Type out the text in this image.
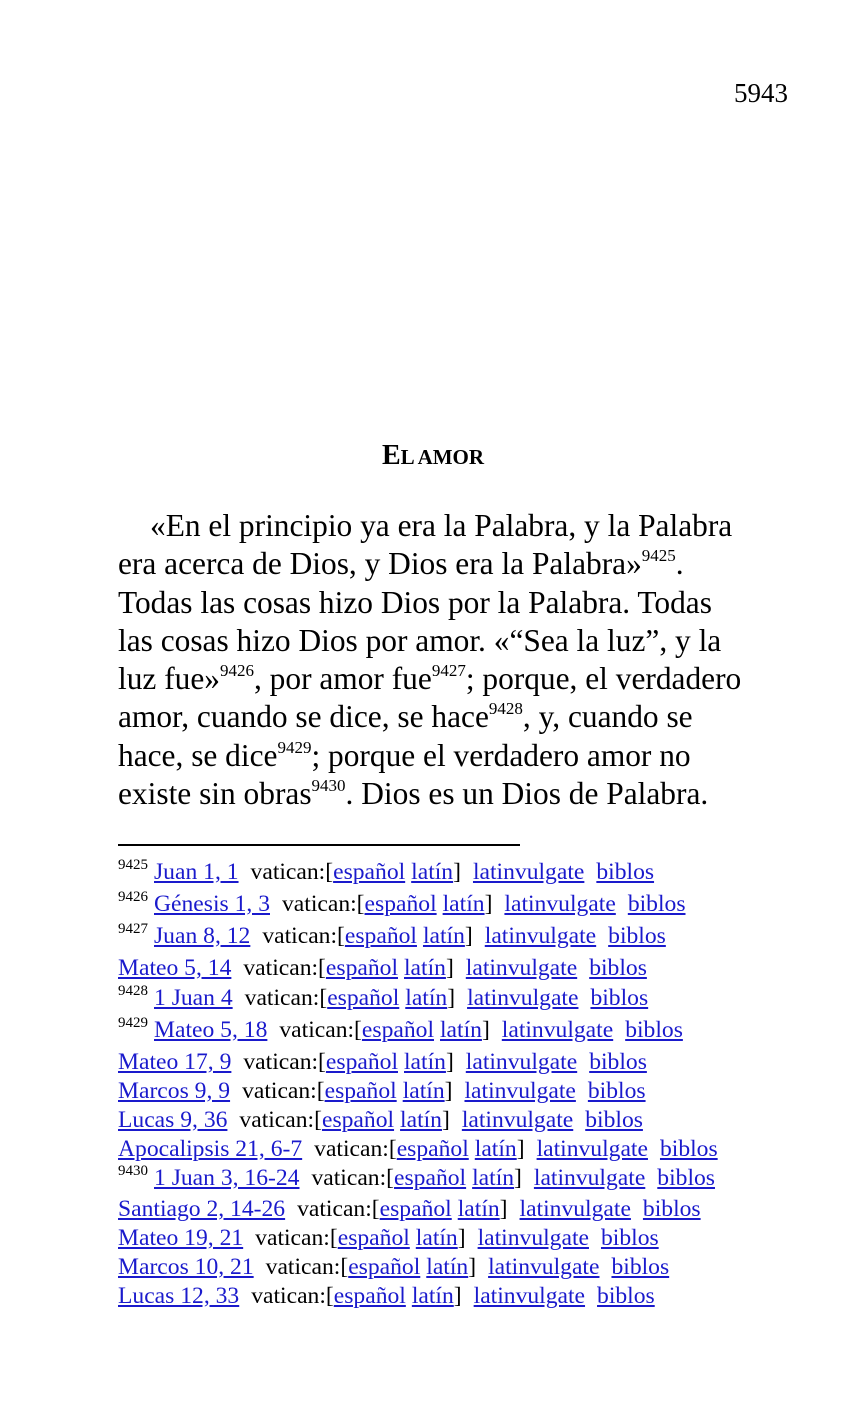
5943
EL AMOR
«En el principio ya era la Palabra, y la Palabra
era acerca de Dios, y Dios era la Palabra»$^{9425}$.
Todas las cosas hizo Dios por la Palabra. Todas
las cosas hizo Dios por amor. «“Sea la luz”, y la
luz fue»$^{9426}$, por amor fue$^{9427}$; porque, el verdadero
amor, cuando se dice, se hace$^{9428}$, y, cuando se
hace, se dice$^{9429}$; porque el verdadero amor no
existe sin obras$^{9430}$. Dios es un Dios de Palabra.
$^{9425}$ Juan 1, 1 vatican:[español latín] latinvulgate biblos
$^{9426}$ Génesis 1, 3 vatican:[español latín] latinvulgate biblos
$^{9427}$ Juan 8, 12 vatican:[español latín] latinvulgate biblos
Mateo 5, 14 vatican:[español latín] latinvulgate biblos
$^{9428}$ 1 Juan 4 vatican:[español latín] latinvulgate biblos
$^{9429}$ Mateo 5, 18 vatican:[español latín] latinvulgate biblos
Mateo 17, 9 vatican:[español latín] latinvulgate biblos
Marcos 9, 9 vatican:[español latín] latinvulgate biblos
Lucas 9, 36 vatican:[español latín] latinvulgate biblos
Apocalipsis 21, 6-7 vatican:[español latín] latinvulgate biblos
$^{9430}$ 1 Juan 3, 16-24 vatican:[español latín] latinvulgate biblos
Santiago 2, 14-26 vatican:[español latín] latinvulgate biblos
Mateo 19, 21 vatican:[español latín] latinvulgate biblos
Marcos 10, 21 vatican:[español latín] latinvulgate biblos
Lucas 12, 33 vatican:[español latín] latinvulgate biblos
